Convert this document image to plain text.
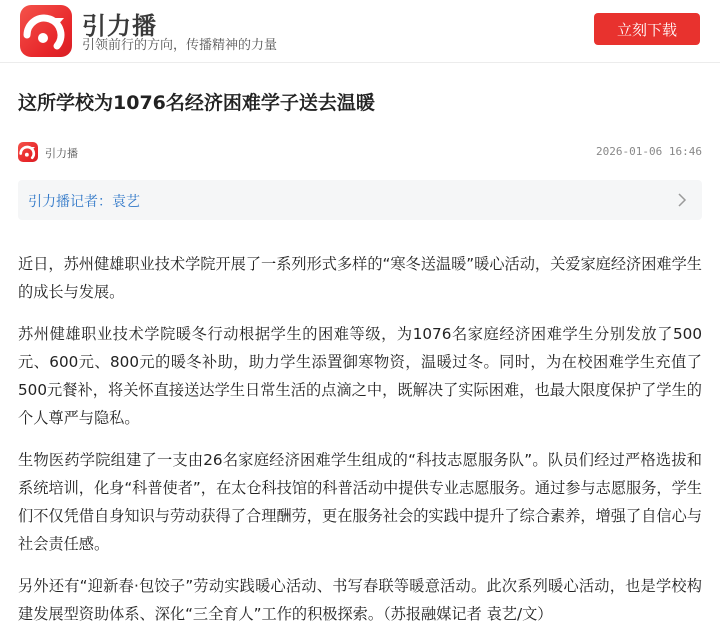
引力播
引领前行的方向，传播精神的力量
立刻下载
这所学校为1076名经济困难学子送去温暖
引力播	2026-01-06 16:46
引力播记者：袁艺

近日，苏州健雄职业技术学院开展了一系列形式多样的“寒冬送温暖”暖心活动，关爱家庭经济困难学生的成长与发展。

苏州健雄职业技术学院暖冬行动根据学生的困难等级，为1076名家庭经济困难学生分别发放了500元、600元、800元的暖冬补助，助力学生添置御寒物资，温暖过冬。同时，为在校困难学生充值了500元餐补，将关怀直接送达学生日常生活的点滴之中，既解决了实际困难，也最大限度保护了学生的个人尊严与隐私。

生物医药学院组建了一支由26名家庭经济困难学生组成的“科技志愿服务队”。队员们经过严格选拔和系统培训，化身“科普使者”，在太仓科技馆的科普活动中提供专业志愿服务。通过参与志愿服务，学生们不仅凭借自身知识与劳动获得了合理酬劳，更在服务社会的实践中提升了综合素养，增强了自信心与社会责任感。

另外还有“迎新春·包饺子”劳动实践暖心活动、书写春联等暖意活动。此次系列暖心活动，也是学校构建发展型资助体系、深化“三全育人”工作的积极探索。（苏报融媒记者 袁艺/文）
